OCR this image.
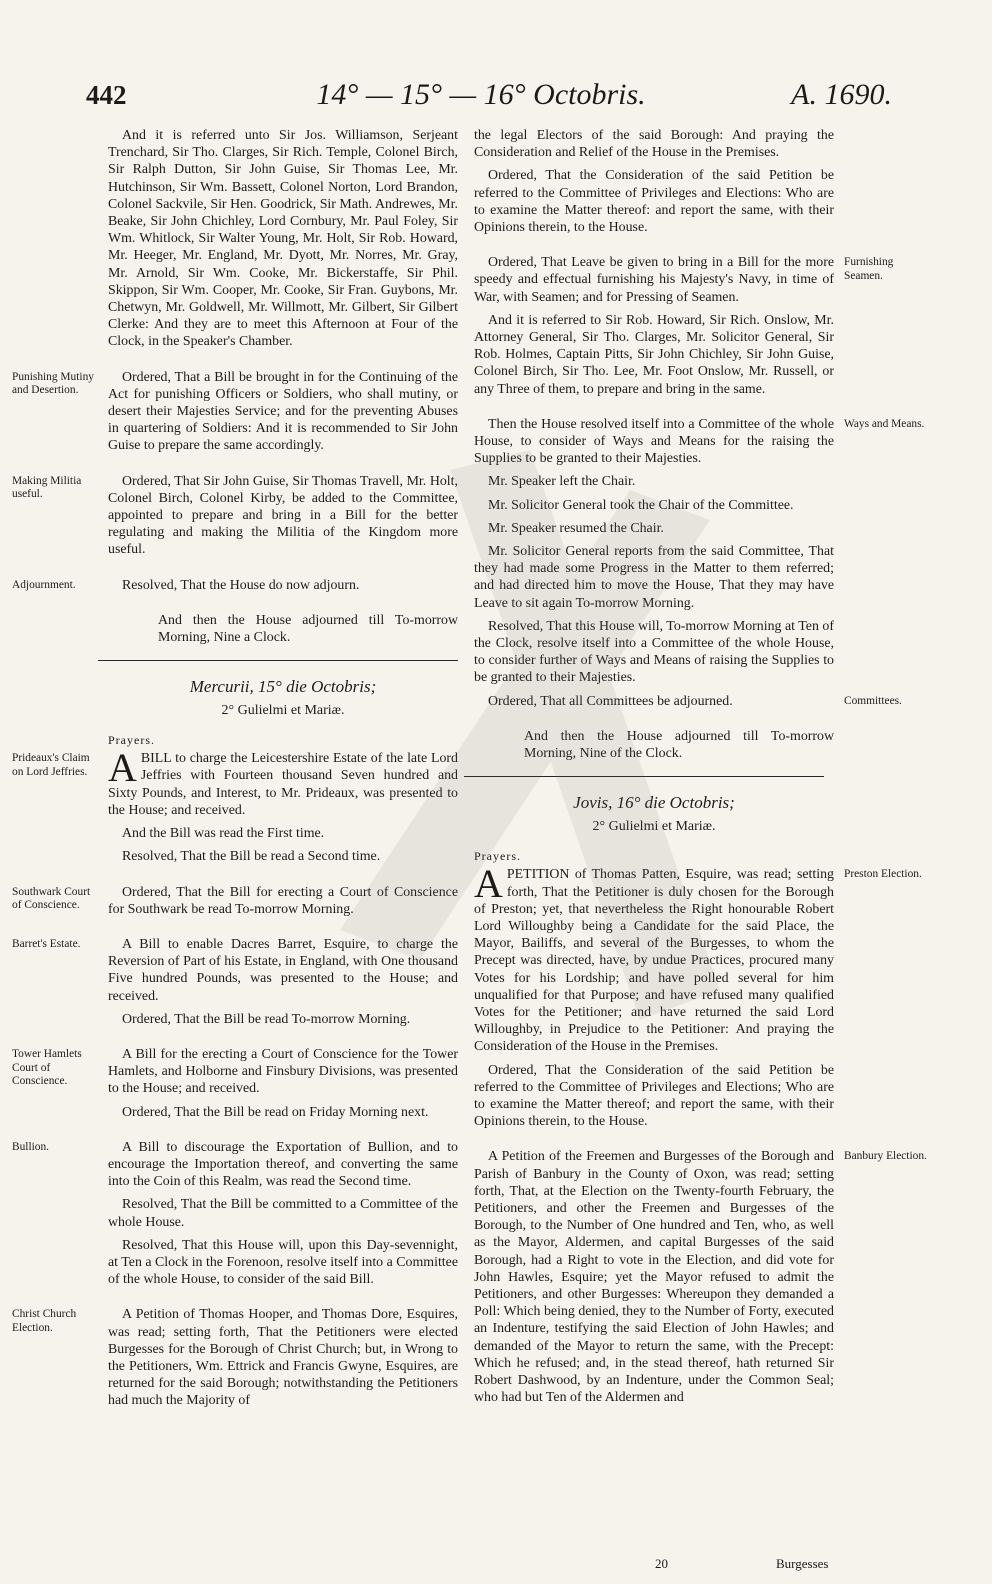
442	14° — 15° — 16° Octobris.	A. 1690.

And it is referred unto Sir Jos. Williamson, Serjeant Trenchard, Sir Tho. Clarges, Sir Rich. Temple, Colonel Birch, Sir Ralph Dutton, Sir John Guise, Sir Thomas Lee, Mr. Hutchinson, Sir Wm. Bassett, Colonel Norton, Lord Brandon, Colonel Sackvile, Sir Hen. Goodrick, Sir Math. Andrewes, Mr. Beake, Sir John Chichley, Lord Cornbury, Mr. Paul Foley, Sir Wm. Whitlock, Sir Walter Young, Mr. Holt, Sir Rob. Howard, Mr. Heeger, Mr. England, Mr. Dyott, Mr. Norres, Mr. Gray, Mr. Arnold, Sir Wm. Cooke, Mr. Bickerstaffe, Sir Phil. Skippon, Sir Wm. Cooper, Mr. Cooke, Sir Fran. Guybons, Mr. Chetwyn, Mr. Goldwell, Mr. Willmott, Mr. Gilbert, Sir Gilbert Clerke: And they are to meet this Afternoon at Four of the Clock, in the Speaker's Chamber.

Ordered, That a Bill be brought in for the Continuing of the Act for punishing Officers or Soldiers, who shall mutiny, or desert their Majesties Service; and for the preventing Abuses in quartering of Soldiers: And it is recommended to Sir John Guise to prepare the same accordingly.

Ordered, That Sir John Guise, Sir Thomas Travell, Mr. Holt, Colonel Birch, Colonel Kirby, be added to the Committee, appointed to prepare and bring in a Bill for the better regulating and making the Militia of the Kingdom more useful.

Resolved, That the House do now adjourn.

And then the House adjourned till To-morrow Morning, Nine a Clock.

Mercurii, 15° die Octobris;
2° Gulielmi et Mariæ.
Prayers.

ABILL to charge the Leicestershire Estate of the late Lord Jeffries with Fourteen thousand Seven hundred and Sixty Pounds, and Interest, to Mr. Prideaux, was presented to the House; and received.

And the Bill was read the First time.

Resolved, That the Bill be read a Second time.

Ordered, That the Bill for erecting a Court of Conscience for Southwark be read To-morrow Morning.

A Bill to enable Dacres Barret, Esquire, to charge the Reversion of Part of his Estate, in England, with One thousand Five hundred Pounds, was presented to the House; and received.

Ordered, That the Bill be read To-morrow Morning.

A Bill for the erecting a Court of Conscience for the Tower Hamlets, and Holborne and Finsbury Divisions, was presented to the House; and received.

Ordered, That the Bill be read on Friday Morning next.

A Bill to discourage the Exportation of Bullion, and to encourage the Importation thereof, and converting the same into the Coin of this Realm, was read the Second time.

Resolved, That the Bill be committed to a Committee of the whole House.

Resolved, That this House will, upon this Day-sevennight, at Ten a Clock in the Forenoon, resolve itself into a Committee of the whole House, to consider of the said Bill.

A Petition of Thomas Hooper, and Thomas Dore, Esquires, was read; setting forth, That the Petitioners were elected Burgesses for the Borough of Christ Church; but, in Wrong to the Petitioners, Wm. Ettrick and Francis Gwyne, Esquires, are returned for the said Borough; notwithstanding the Petitioners had much the Majority of

the legal Electors of the said Borough: And praying the Consideration and Relief of the House in the Premises.

Ordered, That the Consideration of the said Petition be referred to the Committee of Privileges and Elections: Who are to examine the Matter thereof: and report the same, with their Opinions therein, to the House.

Ordered, That Leave be given to bring in a Bill for the more speedy and effectual furnishing his Majesty's Navy, in time of War, with Seamen; and for Pressing of Seamen.

And it is referred to Sir Rob. Howard, Sir Rich. Onslow, Mr. Attorney General, Sir Tho. Clarges, Mr. Solicitor General, Sir Rob. Holmes, Captain Pitts, Sir John Chichley, Sir John Guise, Colonel Birch, Sir Tho. Lee, Mr. Foot Onslow, Mr. Russell, or any Three of them, to prepare and bring in the same.

Then the House resolved itself into a Committee of the whole House, to consider of Ways and Means for the raising the Supplies to be granted to their Majesties.

Mr. Speaker left the Chair.

Mr. Solicitor General took the Chair of the Committee.

Mr. Speaker resumed the Chair.

Mr. Solicitor General reports from the said Committee, That they had made some Progress in the Matter to them referred; and had directed him to move the House, That they may have Leave to sit again To-morrow Morning.

Resolved, That this House will, To-morrow Morning at Ten of the Clock, resolve itself into a Committee of the whole House, to consider further of Ways and Means of raising the Supplies to be granted to their Majesties.

Ordered, That all Committees be adjourned.

And then the House adjourned till To-morrow Morning, Nine of the Clock.

Jovis, 16° die Octobris;
2° Gulielmi et Mariæ.
Prayers.

APETITION of Thomas Patten, Esquire, was read; setting forth, That the Petitioner is duly chosen for the Borough of Preston; yet, that nevertheless the Right honourable Robert Lord Willoughby being a Candidate for the said Place, the Mayor, Bailiffs, and several of the Burgesses, to whom the Precept was directed, have, by undue Practices, procured many Votes for his Lordship; and have polled several for him unqualified for that Purpose; and have refused many qualified Votes for the Petitioner; and have returned the said Lord Willoughby, in Prejudice to the Petitioner: And praying the Consideration of the House in the Premises.

Ordered, That the Consideration of the said Petition be referred to the Committee of Privileges and Elections; Who are to examine the Matter thereof; and report the same, with their Opinions therein, to the House.

A Petition of the Freemen and Burgesses of the Borough and Parish of Banbury in the County of Oxon, was read; setting forth, That, at the Election on the Twenty-fourth February, the Petitioners, and other the Freemen and Burgesses of the Borough, to the Number of One hundred and Ten, who, as well as the Mayor, Aldermen, and capital Burgesses of the said Borough, had a Right to vote in the Election, and did vote for John Hawles, Esquire; yet the Mayor refused to admit the Petitioners, and other Burgesses: Whereupon they demanded a Poll: Which being denied, they to the Number of Forty, executed an Indenture, testifying the said Election of John Hawles; and demanded of the Mayor to return the same, with the Precept: Which he refused; and, in the stead thereof, hath returned Sir Robert Dashwood, by an Indenture, under the Common Seal; who had but Ten of the Aldermen and

Punishing Mutiny and Desertion.
Making Militia useful.
Adjournment.
Prideaux's Claim on Lord Jeffries.
Southwark Court of Conscience.
Barret's Estate.
Tower Hamlets Court of Conscience.
Bullion.
Christ Church Election.
Furnishing Seamen.
Ways and Means.
Committees.
Preston Election.
Banbury Election.
20	Burgesses
